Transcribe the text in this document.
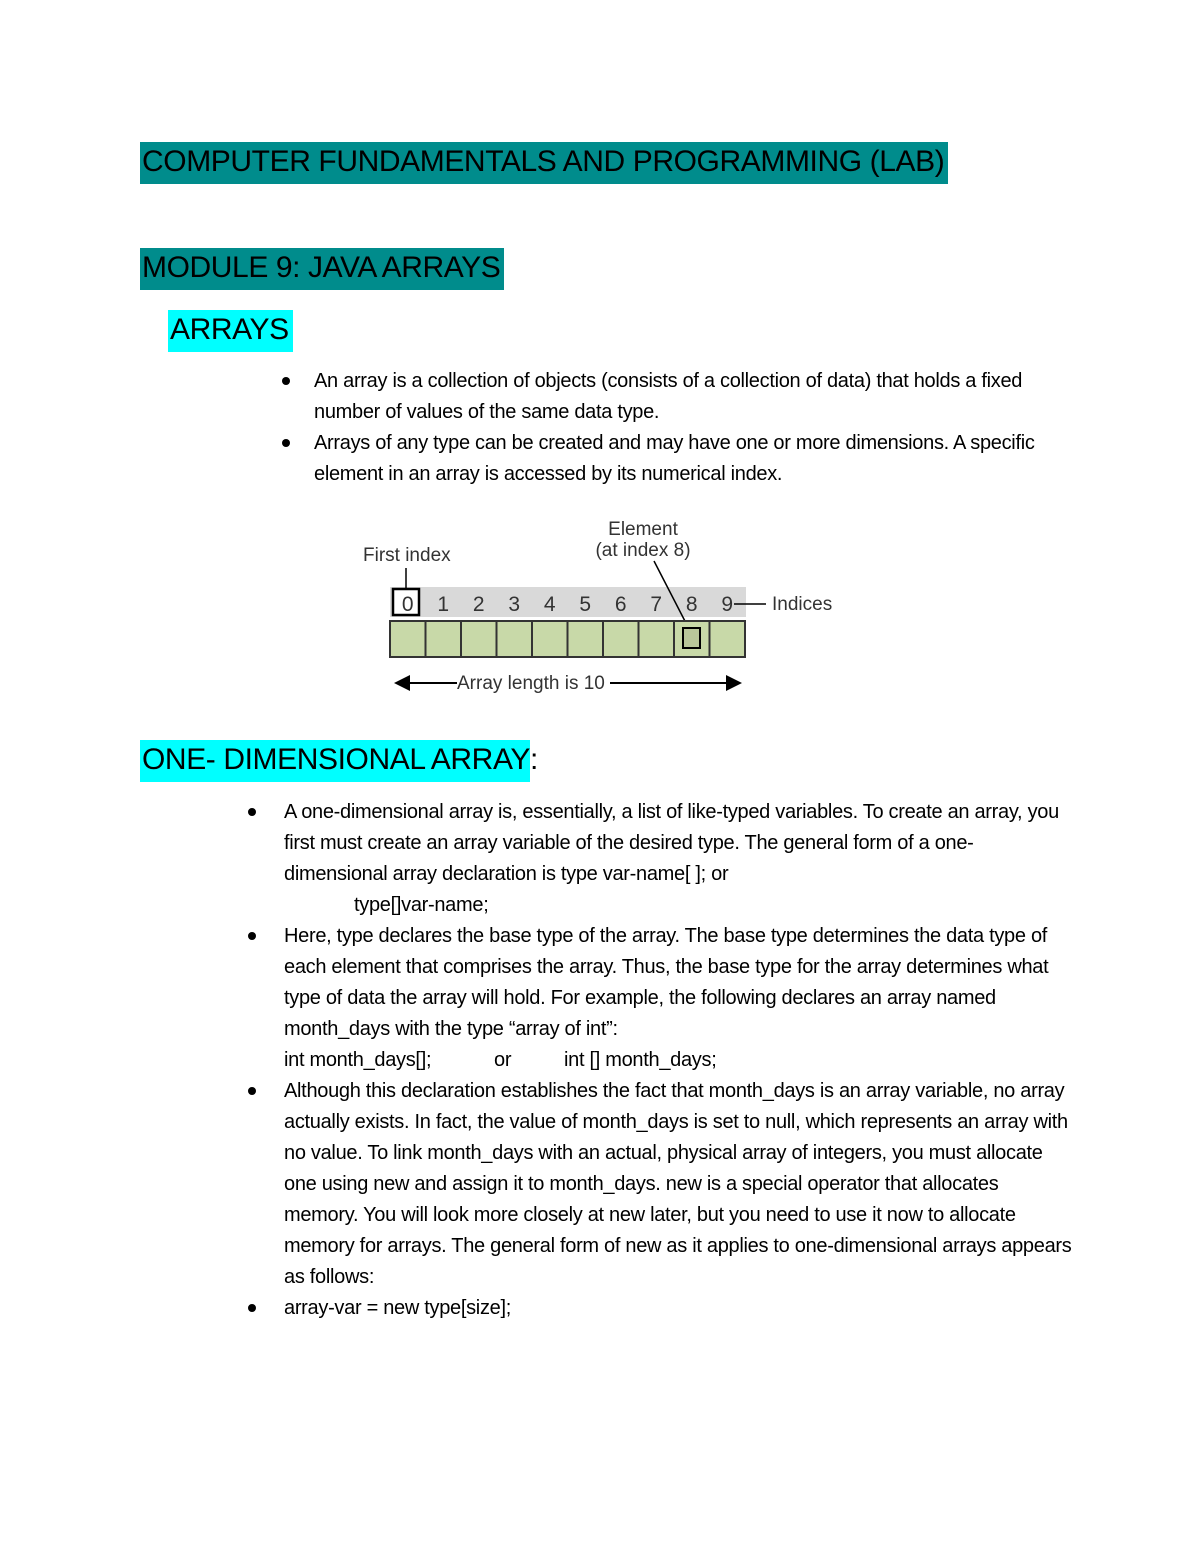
COMPUTER FUNDAMENTALS AND PROGRAMMING (LAB)
MODULE 9: JAVA ARRAYS
ARRAYS
An array is a collection of objects (consists of a collection of data) that holds a fixed number of values of the same data type.
Arrays of any type can be created and may have one or more dimensions. A specific element in an array is accessed by its numerical index.
First index
Element
(at index 8)
0 1 2 3 4 5 6 7 8 9 Indices
Array length is 10
ONE- DIMENSIONAL ARRAY:
A one-dimensional array is, essentially, a list of like-typed variables. To create an array, you first must create an array variable of the desired type. The general form of a one-dimensional array declaration is type var-name[ ]; or
type[]var-name;
Here, type declares the base type of the array. The base type determines the data type of each element that comprises the array. Thus, the base type for the array determines what type of data the array will hold. For example, the following declares an array named month_days with the type “array of int”:
int month_days[];	or	int [] month_days;
Although this declaration establishes the fact that month_days is an array variable, no array actually exists. In fact, the value of month_days is set to null, which represents an array with no value. To link month_days with an actual, physical array of integers, you must allocate one using new and assign it to month_days. new is a special operator that allocates memory. You will look more closely at new later, but you need to use it now to allocate memory for arrays. The general form of new as it applies to one-dimensional arrays appears as follows:
array-var = new type[size];
